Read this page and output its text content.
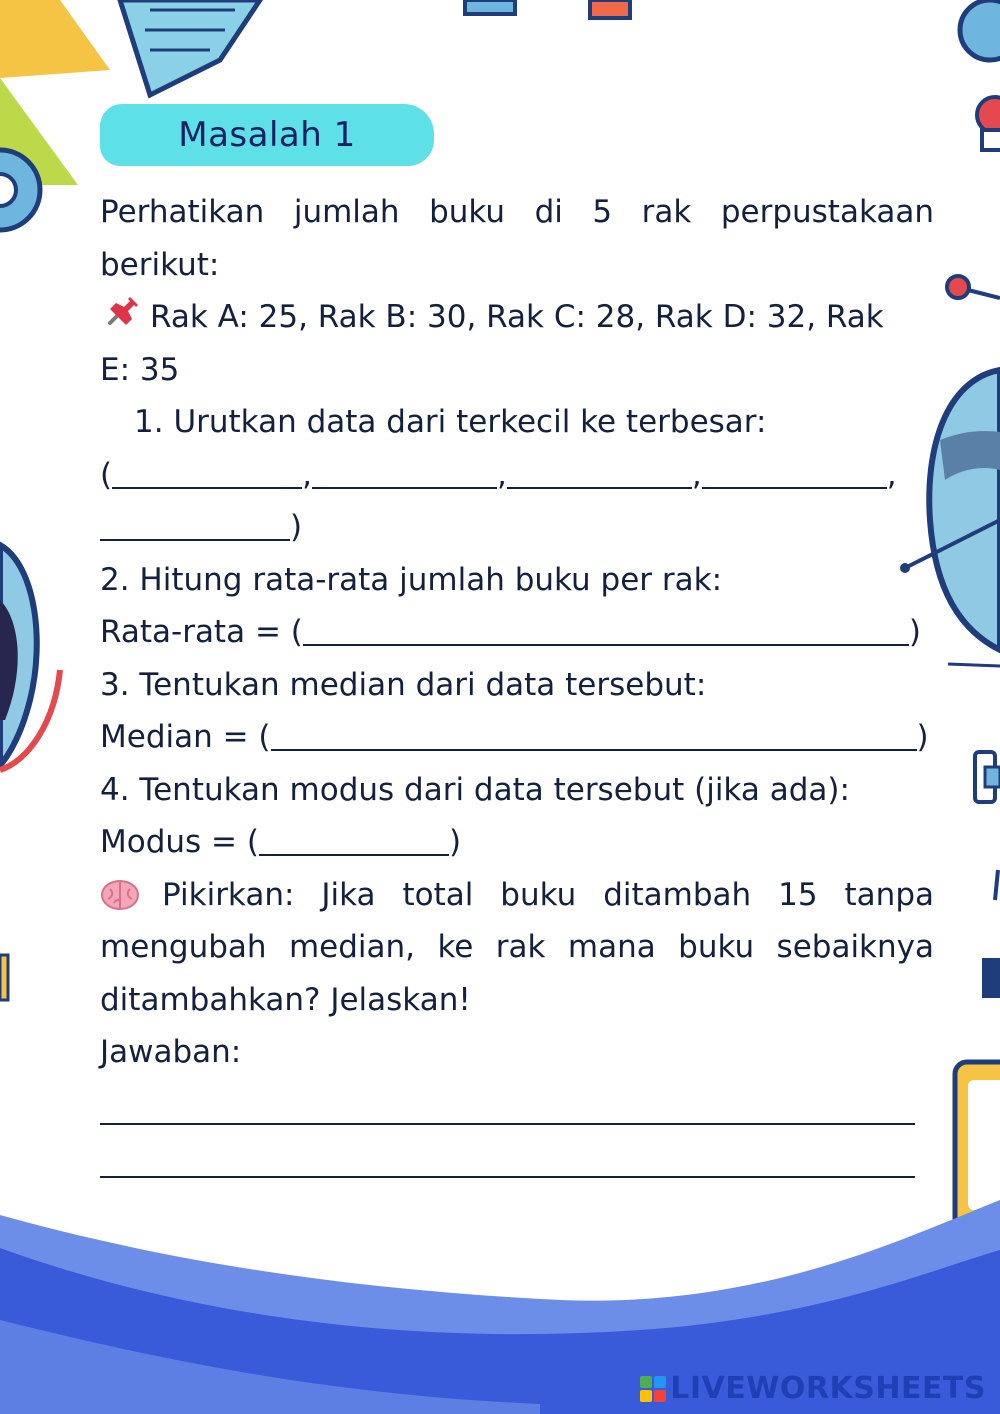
Masalah 1
Perhatikan jumlah buku di 5 rak perpustakaan
berikut:
Rak A: 25, Rak B: 30, Rak C: 28, Rak D: 32, Rak
E: 35
1. Urutkan data dari terkecil ke terbesar:
(	,	,	,	,
)
2. Hitung rata-rata jumlah buku per rak:
Rata-rata = (	)
3. Tentukan median dari data tersebut:
Median = (	)
4. Tentukan modus dari data tersebut (jika ada):
Modus = (	)
Pikirkan: Jika total buku ditambah 15 tanpa
mengubah median, ke rak mana buku sebaiknya
ditambahkan? Jelaskan!
Jawaban:
LIVEWORKSHEETS
